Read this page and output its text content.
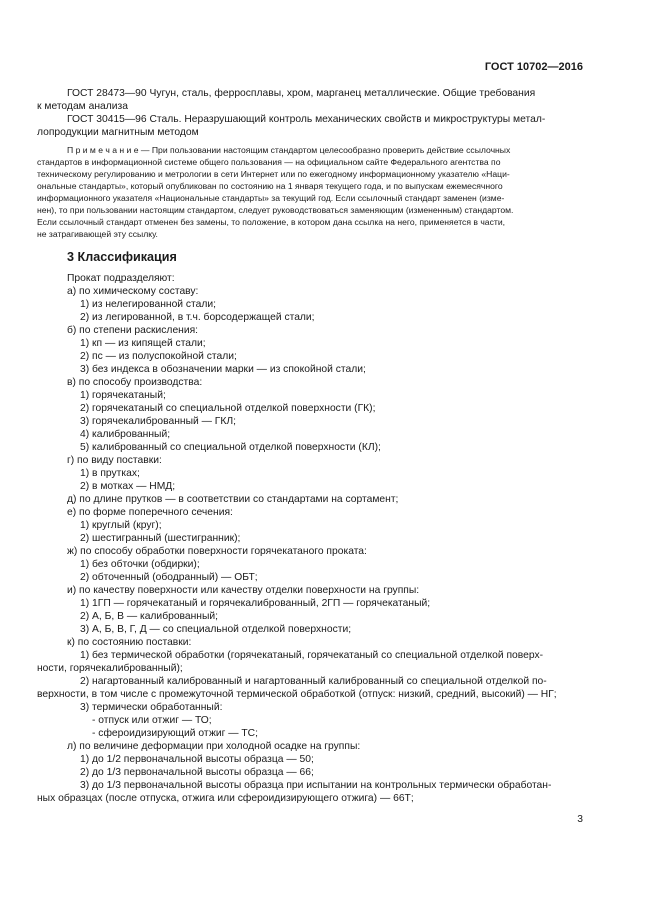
ГОСТ 10702—2016
ГОСТ 28473—90 Чугун, сталь, ферросплавы, хром, марганец металлические. Общие требования
к методам анализа
ГОСТ 30415—96 Сталь. Неразрушающий контроль механических свойств и микроструктуры метал-
лопродукции магнитным методом
П р и м е ч а н и е — При пользовании настоящим стандартом целесообразно проверить действие ссылочных
стандартов в информационной системе общего пользования — на официальном сайте Федерального агентства по
техническому регулированию и метрологии в сети Интернет или по ежегодному информационному указателю «Наци-
ональные стандарты», который опубликован по состоянию на 1 января текущего года, и по выпускам ежемесячного
информационного указателя «Национальные стандарты» за текущий год. Если ссылочный стандарт заменен (изме-
нен), то при пользовании настоящим стандартом, следует руководствоваться заменяющим (измененным) стандартом.
Если ссылочный стандарт отменен без замены, то положение, в котором дана ссылка на него, применяется в части,
не затрагивающей эту ссылку.
3 Классификация
Прокат подразделяют:
а) по химическому составу:
1) из нелегированной стали;
2) из легированной, в т.ч. борсодержащей стали;
б) по степени раскисления:
1) кп — из кипящей стали;
2) пс — из полуспокойной стали;
3) без индекса в обозначении марки — из спокойной стали;
в) по способу производства:
1) горячекатаный;
2) горячекатаный со специальной отделкой поверхности (ГК);
3) горячекалиброванный — ГКЛ;
4) калиброванный;
5) калиброванный со специальной отделкой поверхности (КЛ);
г) по виду поставки:
1) в прутках;
2) в мотках — НМД;
д) по длине прутков — в соответствии со стандартами на сортамент;
е) по форме поперечного сечения:
1) круглый (круг);
2) шестигранный (шестигранник);
ж) по способу обработки поверхности горячекатаного проката:
1) без обточки (обдирки);
2) обточенный (ободранный) — ОБТ;
и) по качеству поверхности или качеству отделки поверхности на группы:
1) 1ГП — горячекатаный и горячекалиброванный, 2ГП — горячекатаный;
2) А, Б, В — калиброванный;
3) А, Б, В, Г, Д — со специальной отделкой поверхности;
к) по состоянию поставки:
1) без термической обработки (горячекатаный, горячекатаный со специальной отделкой поверх-
ности, горячекалиброванный);
2) нагартованный калиброванный и нагартованный калиброванный со специальной отделкой по-
верхности, в том числе с промежуточной термической обработкой (отпуск: низкий, средний, высокий) — НГ;
3) термически обработанный:
- отпуск или отжиг — ТО;
- сфероидизирующий отжиг — ТС;
л) по величине деформации при холодной осадке на группы:
1) до 1/2 первоначальной высоты образца — 50;
2) до 1/3 первоначальной высоты образца — 66;
3) до 1/3 первоначальной высоты образца при испытании на контрольных термически обработан-
ных образцах (после отпуска, отжига или сфероидизирующего отжига) — 66Т;
3
